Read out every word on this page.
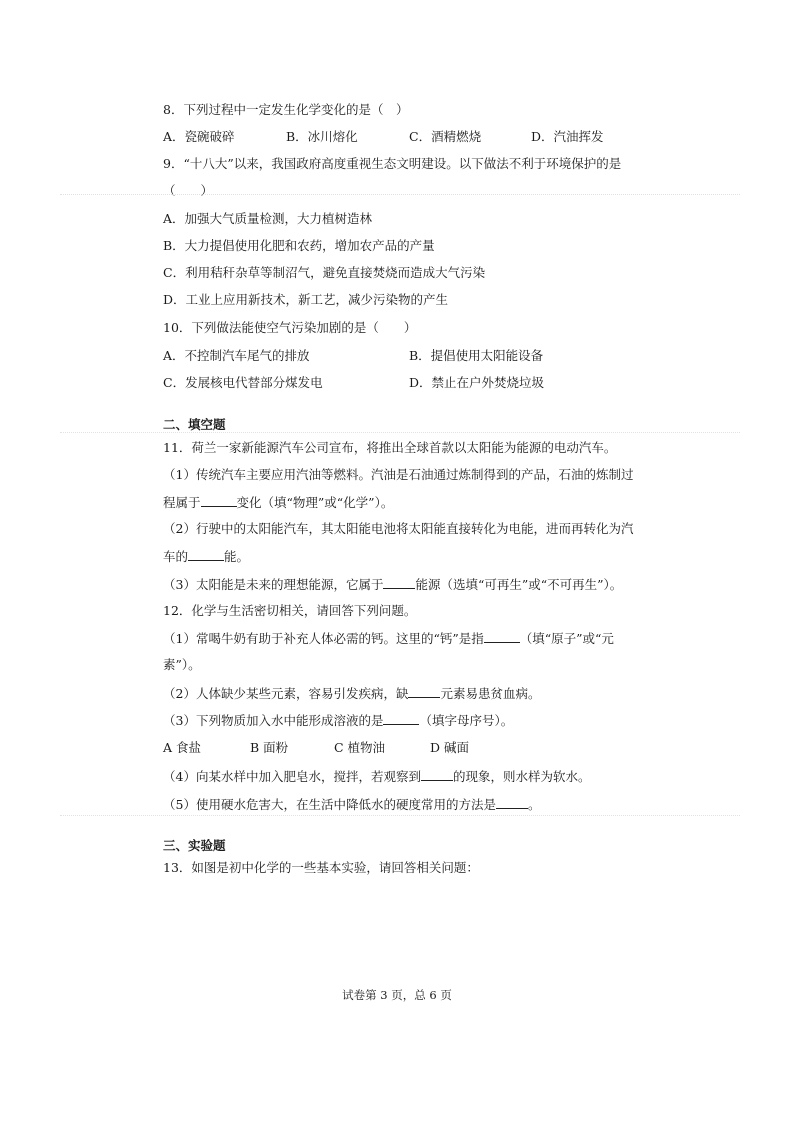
8．下列过程中一定发生化学变化的是（　）
A．瓷碗破碎	B．冰川熔化	C．酒精燃烧	D．汽油挥发
9．“十八大”以来，我国政府高度重视生态文明建设。以下做法不利于环境保护的是
（　　）
A．加强大气质量检测，大力植树造林
B．大力提倡使用化肥和农药，增加农产品的产量
C．利用秸秆杂草等制沼气，避免直接焚烧而造成大气污染
D．工业上应用新技术，新工艺，减少污染物的产生
10．下列做法能使空气污染加剧的是（　　）
A．不控制汽车尾气的排放	B．提倡使用太阳能设备
C．发展核电代替部分煤发电	D．禁止在户外焚烧垃圾
二、填空题
11．荷兰一家新能源汽车公司宣布，将推出全球首款以太阳能为能源的电动汽车。
（1）传统汽车主要应用汽油等燃料。汽油是石油通过炼制得到的产品，石油的炼制过
程属于	变化（填“物理”或“化学”）。
（2）行驶中的太阳能汽车，其太阳能电池将太阳能直接转化为电能，进而再转化为汽
车的	能。
（3）太阳能是未来的理想能源，它属于	能源（选填“可再生”或“不可再生”）。
12．化学与生活密切相关，请回答下列问题。
（1）常喝牛奶有助于补充人体必需的钙。这里的“钙”是指	（填“原子”或“元
素”）。
（2）人体缺少某些元素，容易引发疾病，缺	元素易患贫血病。
（3）下列物质加入水中能形成溶液的是	（填字母序号）。
A 食盐	B 面粉	C 植物油	D 碱面
（4）向某水样中加入肥皂水，搅拌，若观察到	的现象，则水样为软水。
（5）使用硬水危害大，在生活中降低水的硬度常用的方法是	。
三、实验题
13．如图是初中化学的一些基本实验，请回答相关问题：
试卷第 3 页，总 6 页
